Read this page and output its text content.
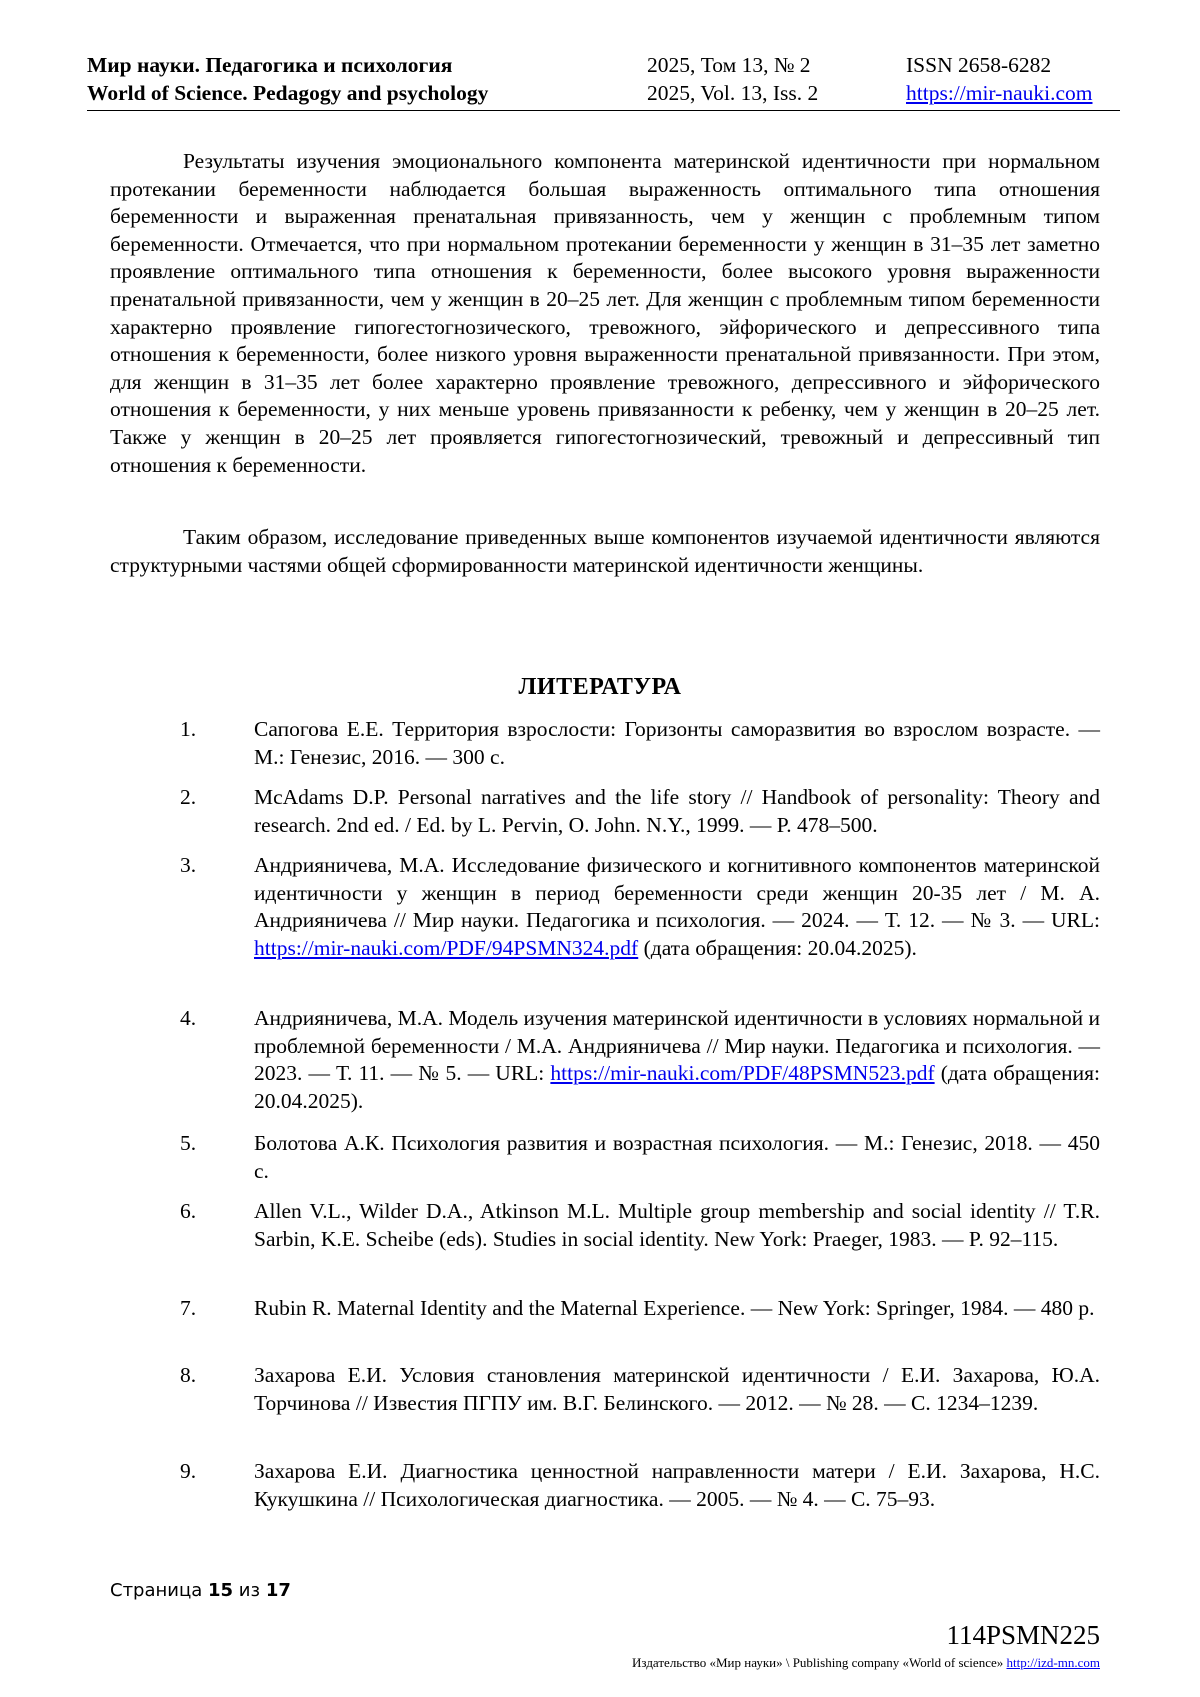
Мир науки. Педагогика и психология	2025, Том 13, № 2	ISSN 2658-6282
World of Science. Pedagogy and psychology	2025, Vol. 13, Iss. 2	https://mir-nauki.com

Результаты изучения эмоционального компонента материнской идентичности при нормальном протекании беременности наблюдается большая выраженность оптимального типа отношения беременности и выраженная пренатальная привязанность, чем у женщин с проблемным типом беременности. Отмечается, что при нормальном протекании беременности у женщин в 31–35 лет заметно проявление оптимального типа отношения к беременности, более высокого уровня выраженности пренатальной привязанности, чем у женщин в 20–25 лет. Для женщин с проблемным типом беременности характерно проявление гипогестогнозического, тревожного, эйфорического и депрессивного типа отношения к беременности, более низкого уровня выраженности пренатальной привязанности. При этом, для женщин в 31–35 лет более характерно проявление тревожного, депрессивного и эйфорического отношения к беременности, у них меньше уровень привязанности к ребенку, чем у женщин в 20–25 лет. Также у женщин в 20–25 лет проявляется гипогестогнозический, тревожный и депрессивный тип отношения к беременности.

Таким образом, исследование приведенных выше компонентов изучаемой идентичности являются структурными частями общей сформированности материнской идентичности женщины.

ЛИТЕРАТУРА
1.	Сапогова Е.Е. Территория взрослости: Горизонты саморазвития во взрослом возрасте. — М.: Генезис, 2016. — 300 с.
2.	McAdams D.P. Personal narratives and the life story // Handbook of personality: Theory and research. 2nd ed. / Ed. by L. Pervin, O. John. N.Y., 1999. — P. 478–500.
3.	Андрияничева, М.А. Исследование физического и когнитивного компонентов материнской идентичности у женщин в период беременности среди женщин 20-35 лет / М. А. Андрияничева // Мир науки. Педагогика и психология. — 2024. — Т. 12. — № 3. — URL: https://mir-nauki.com/PDF/94PSMN324.pdf (дата обращения: 20.04.2025).
4.	Андрияничева, М.А. Модель изучения материнской идентичности в условиях нормальной и проблемной беременности / М.А. Андрияничева // Мир науки. Педагогика и психология. — 2023. — Т. 11. — № 5. — URL: https://mir-nauki.com/PDF/48PSMN523.pdf (дата обращения: 20.04.2025).
5.	Болотова А.К. Психология развития и возрастная психология. — М.: Генезис, 2018. — 450 с.
6.	Allen V.L., Wilder D.A., Atkinson M.L. Multiple group membership and social identity // T.R. Sarbin, K.E. Scheibe (eds). Studies in social identity. New York: Praeger, 1983. — P. 92–115.
7.	Rubin R. Maternal Identity and the Maternal Experience. — New York: Springer, 1984. — 480 p.
8.	Захарова Е.И. Условия становления материнской идентичности / Е.И. Захарова, Ю.А. Торчинова // Известия ПГПУ им. В.Г. Белинского. — 2012. — № 28. — С. 1234–1239.
9.	Захарова Е.И. Диагностика ценностной направленности матери / Е.И. Захарова, Н.С. Кукушкина // Психологическая диагностика. — 2005. — № 4. — С. 75–93.
Страница 15 из 17
114PSMN225
Издательство «Мир науки» \ Publishing company «World of science» http://izd-mn.com
